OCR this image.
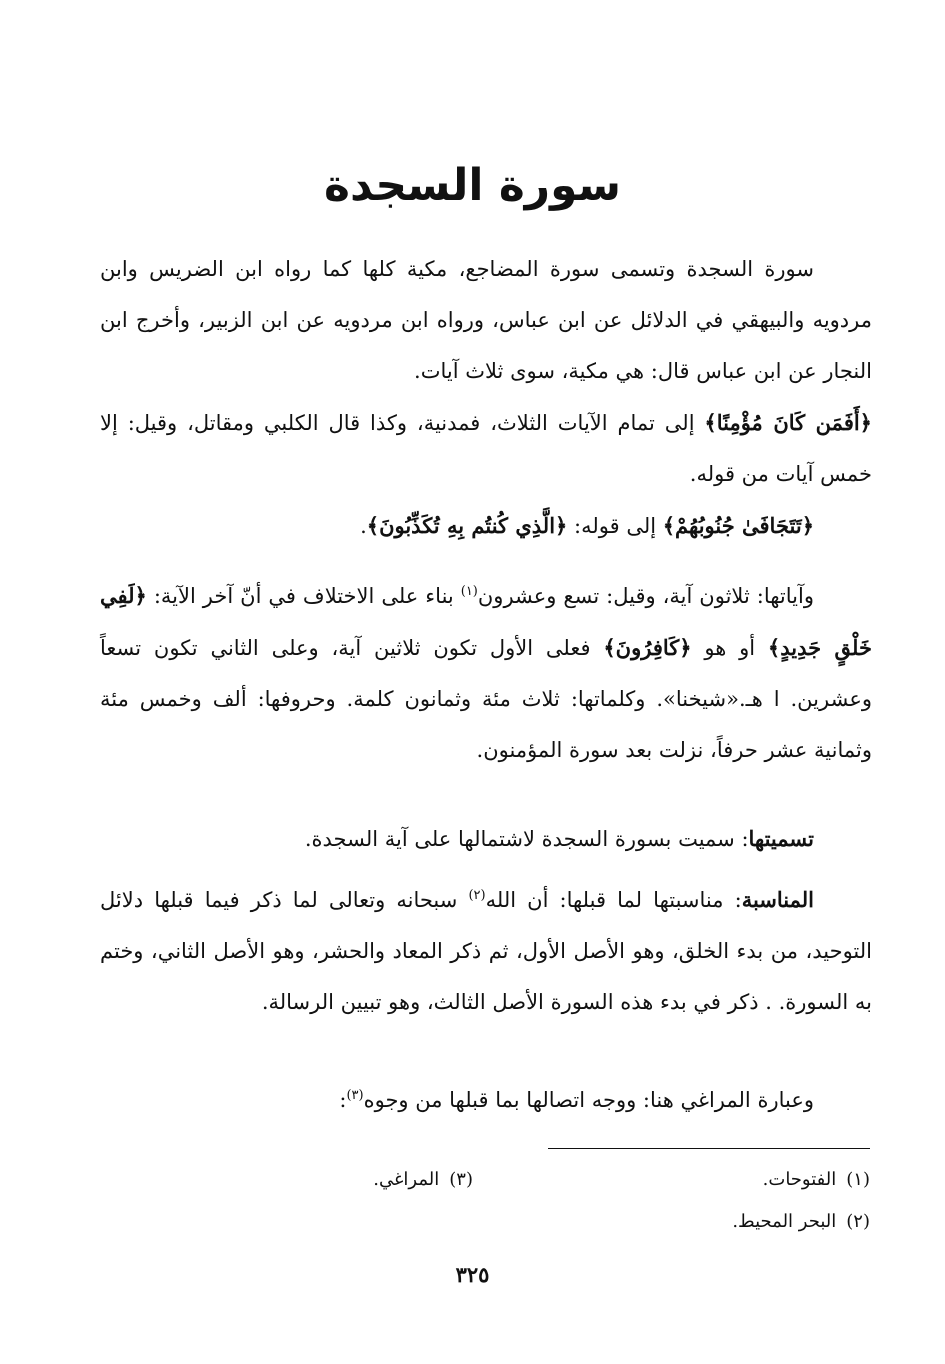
سورة السجدة

سورة السجدة وتسمى سورة المضاجع، مكية كلها كما رواه ابن الضريس وابن مردويه والبيهقي في الدلائل عن ابن عباس، ورواه ابن مردويه عن ابن الزبير، وأخرج ابن النجار عن ابن عباس قال: هي مكية، سوى ثلاث آيات.

﴿أَفَمَن كَانَ مُؤْمِنًا﴾ إلى تمام الآيات الثلاث، فمدنية، وكذا قال الكلبي ومقاتل، وقيل: إلا خمس آيات من قوله.

﴿تَتَجَافَىٰ جُنُوبُهُمْ﴾ إلى قوله: ﴿الَّذِي كُنتُم بِهِ تُكَذِّبُونَ﴾.

وآياتها: ثلاثون آية، وقيل: تسع وعشرون$^{(١)}$ بناء على الاختلاف في أنّ آخر الآية: ﴿لَفِي خَلْقٍ جَدِيدٍ﴾ أو هو ﴿كَافِرُونَ﴾ فعلى الأول تكون ثلاثين آية، وعلى الثاني تكون تسعاً وعشرين. ا هـ.«شيخنا». وكلماتها: ثلاث مئة وثمانون كلمة. وحروفها: ألف وخمس مئة وثمانية عشر حرفاً، نزلت بعد سورة المؤمنون.

تسميتها: سميت بسورة السجدة لاشتمالها على آية السجدة.

المناسبة: مناسبتها لما قبلها: أن الله$^{(٢)}$ سبحانه وتعالى لما ذكر فيما قبلها دلائل التوحيد، من بدء الخلق، وهو الأصل الأول، ثم ذكر المعاد والحشر، وهو الأصل الثاني، وختم به السورة. . ذكر في بدء هذه السورة الأصل الثالث، وهو تبيين الرسالة.

وعبارة المراغي هنا: ووجه اتصالها بما قبلها من وجوه$^{(٣)}$:

(١)الفتوحات.
(٣)المراغي.
(٢)البحر المحيط.
٣٢٥
